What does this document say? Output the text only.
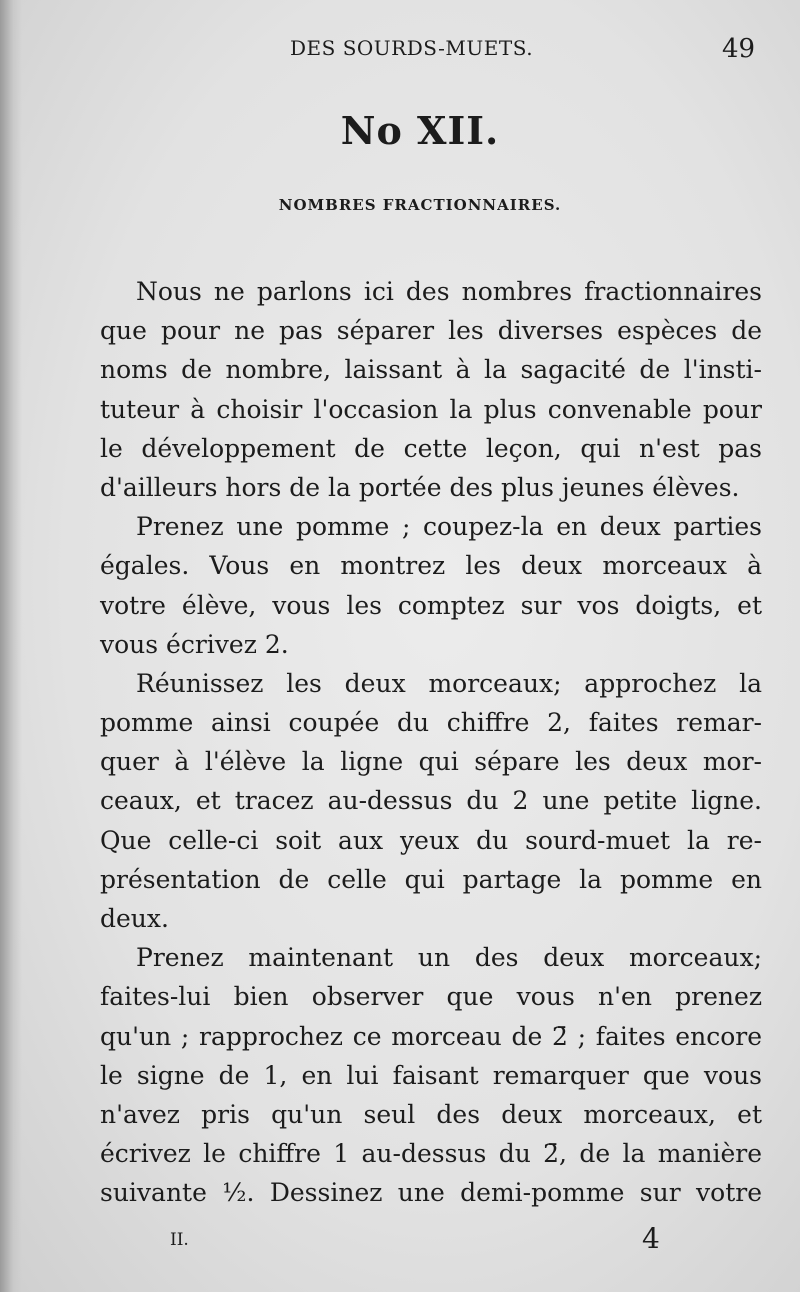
DES SOURDS-MUETS.	49
No XII.
NOMBRES FRACTIONNAIRES.
Nous ne parlons ici des nombres fractionnaires
que pour ne pas séparer les diverses espèces de
noms de nombre, laissant à la sagacité de l'insti-
tuteur à choisir l'occasion la plus convenable pour
le développement de cette leçon, qui n'est pas
d'ailleurs hors de la portée des plus jeunes élèves.
Prenez une pomme ; coupez-la en deux parties
égales. Vous en montrez les deux morceaux à
votre élève, vous les comptez sur vos doigts, et
vous écrivez 2.
Réunissez les deux morceaux; approchez la
pomme ainsi coupée du chiffre 2, faites remar-
quer à l'élève la ligne qui sépare les deux mor-
ceaux, et tracez au-dessus du 2 une petite ligne.
Que celle-ci soit aux yeux du sourd-muet la re-
présentation de celle qui partage la pomme en
deux.
Prenez maintenant un des deux morceaux;
faites-lui bien observer que vous n'en prenez
qu'un ; rapprochez ce morceau de 2̄ ; faites encore
le signe de 1, en lui faisant remarquer que vous
n'avez pris qu'un seul des deux morceaux, et
écrivez le chiffre 1 au-dessus du 2̄, de la manière
suivante ½. Dessinez une demi-pomme sur votre
II.	4
